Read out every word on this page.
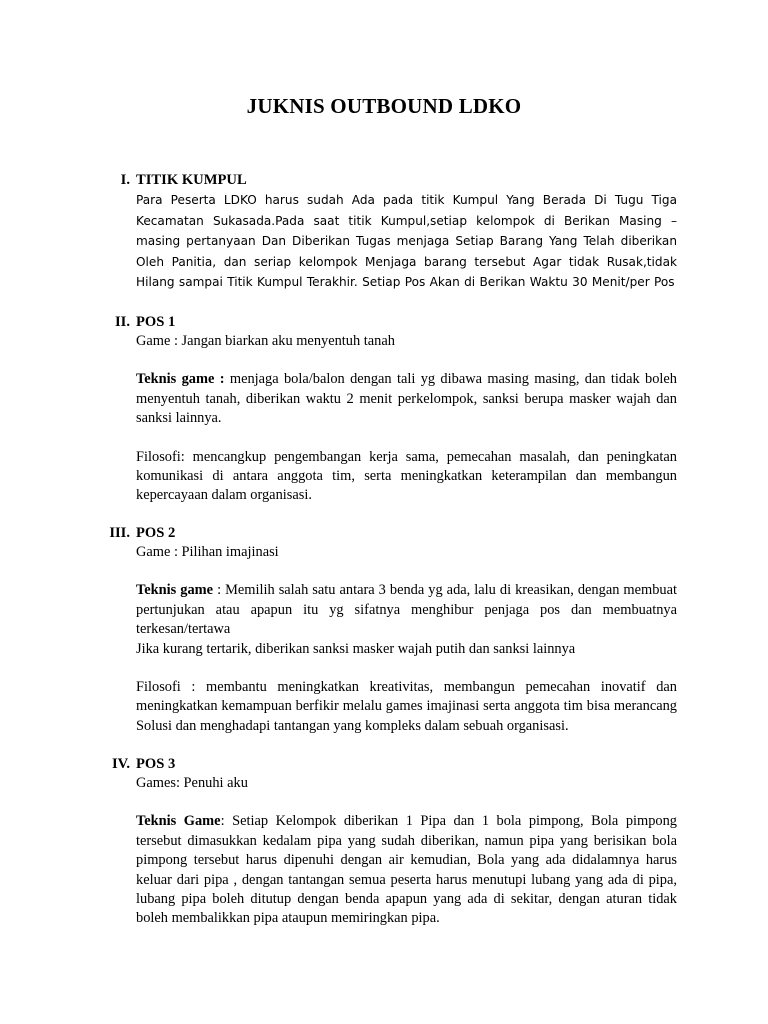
JUKNIS OUTBOUND LDKO
I. TITIK KUMPUL
Para Peserta LDKO harus sudah Ada pada titik Kumpul Yang Berada Di Tugu Tiga Kecamatan Sukasada.Pada saat titik Kumpul,setiap kelompok di Berikan Masing – masing pertanyaan Dan Diberikan Tugas menjaga Setiap Barang Yang Telah diberikan Oleh Panitia, dan seriap kelompok Menjaga barang tersebut Agar tidak Rusak,tidak Hilang sampai Titik Kumpul Terakhir. Setiap Pos Akan di Berikan Waktu 30 Menit/per Pos
II. POS 1
Game : Jangan biarkan aku menyentuh tanah
Teknis game : menjaga bola/balon dengan tali yg dibawa masing masing, dan tidak boleh menyentuh tanah, diberikan waktu 2 menit perkelompok, sanksi berupa masker wajah dan sanksi lainnya.
Filosofi: mencangkup pengembangan kerja sama, pemecahan masalah, dan peningkatan komunikasi di antara anggota tim, serta meningkatkan keterampilan dan membangun kepercayaan dalam organisasi.
III. POS 2
Game : Pilihan imajinasi
Teknis game : Memilih salah satu antara 3 benda yg ada, lalu di kreasikan, dengan membuat pertunjukan atau apapun itu yg sifatnya menghibur penjaga pos dan membuatnya terkesan/tertawa
Jika kurang tertarik, diberikan sanksi masker wajah putih dan sanksi lainnya
Filosofi : membantu meningkatkan kreativitas, membangun pemecahan inovatif dan meningkatkan kemampuan berfikir melalu games imajinasi serta anggota tim bisa merancang Solusi dan menghadapi tantangan yang kompleks dalam sebuah organisasi.
IV. POS 3
Games: Penuhi aku
Teknis Game: Setiap Kelompok diberikan 1 Pipa dan 1 bola pimpong, Bola pimpong tersebut dimasukkan kedalam pipa yang sudah diberikan, namun pipa yang berisikan bola pimpong tersebut harus dipenuhi dengan air kemudian, Bola yang ada didalamnya harus keluar dari pipa , dengan tantangan semua peserta harus menutupi lubang yang ada di pipa, lubang pipa boleh ditutup dengan benda apapun yang ada di sekitar, dengan aturan tidak boleh membalikkan pipa ataupun memiringkan pipa.
